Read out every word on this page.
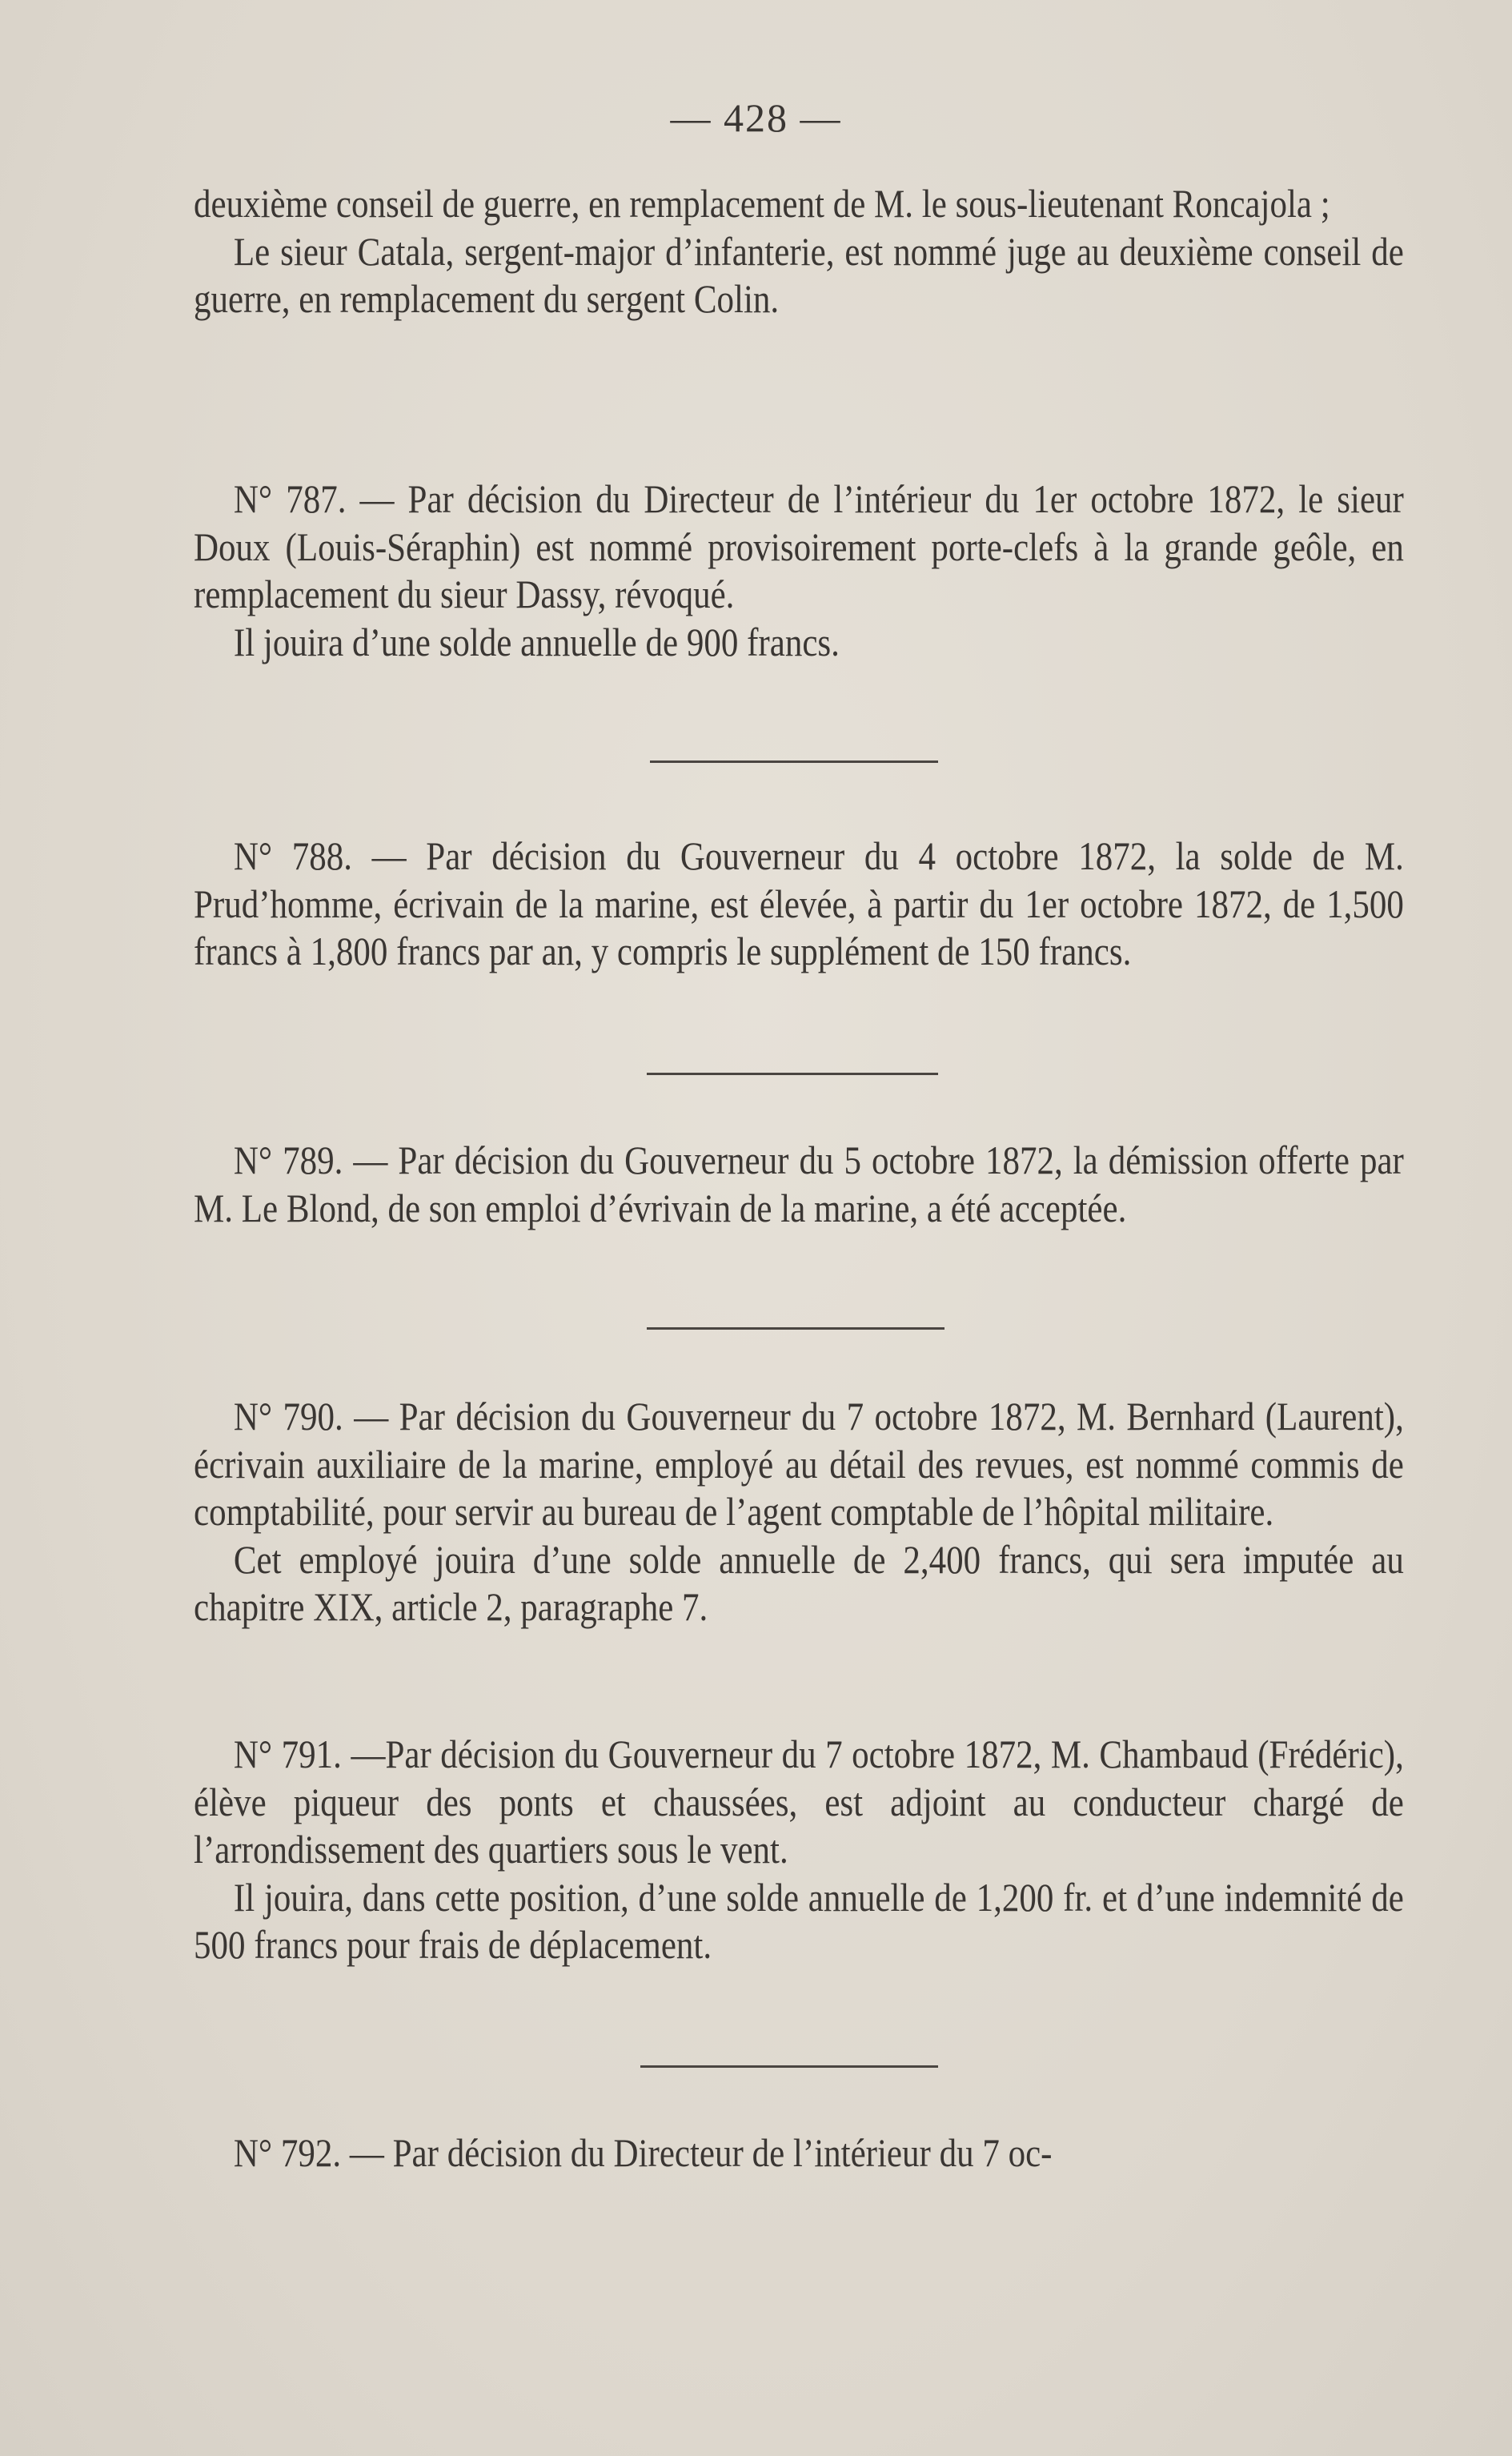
— 428 —

deuxième conseil de guerre, en remplacement de M. le sous-lieutenant Roncajola ;

Le sieur Catala, sergent-major d’infanterie, est nommé juge au deuxième conseil de guerre, en remplacement du sergent Colin.

N° 787. — Par décision du Directeur de l’intérieur du 1er octobre 1872, le sieur Doux (Louis-Séraphin) est nommé provisoirement porte-clefs à la grande geôle, en remplacement du sieur Dassy, révoqué.

Il jouira d’une solde annuelle de 900 francs.

N° 788. — Par décision du Gouverneur du 4 octobre 1872, la solde de M. Prud’homme, écrivain de la marine, est élevée, à partir du 1er octobre 1872, de 1,500 francs à 1,800 francs par an, y compris le supplément de 150 francs.

N° 789. — Par décision du Gouverneur du 5 octobre 1872, la démission offerte par M. Le Blond, de son emploi d’évrivain de la marine, a été acceptée.

N° 790. — Par décision du Gouverneur du 7 octobre 1872, M. Bernhard (Laurent), écrivain auxiliaire de la marine, employé au détail des revues, est nommé commis de comptabilité, pour servir au bureau de l’agent comptable de l’hôpital militaire.

Cet employé jouira d’une solde annuelle de 2,400 francs, qui sera imputée au chapitre XIX, article 2, paragraphe 7.

N° 791. —Par décision du Gouverneur du 7 octobre 1872, M. Chambaud (Frédéric), élève piqueur des ponts et chaussées, est adjoint au conducteur chargé de l’arrondissement des quartiers sous le vent.

Il jouira, dans cette position, d’une solde annuelle de 1,200 fr. et d’une indemnité de 500 francs pour frais de déplacement.

N° 792. — Par décision du Directeur de l’intérieur du 7 oc-
